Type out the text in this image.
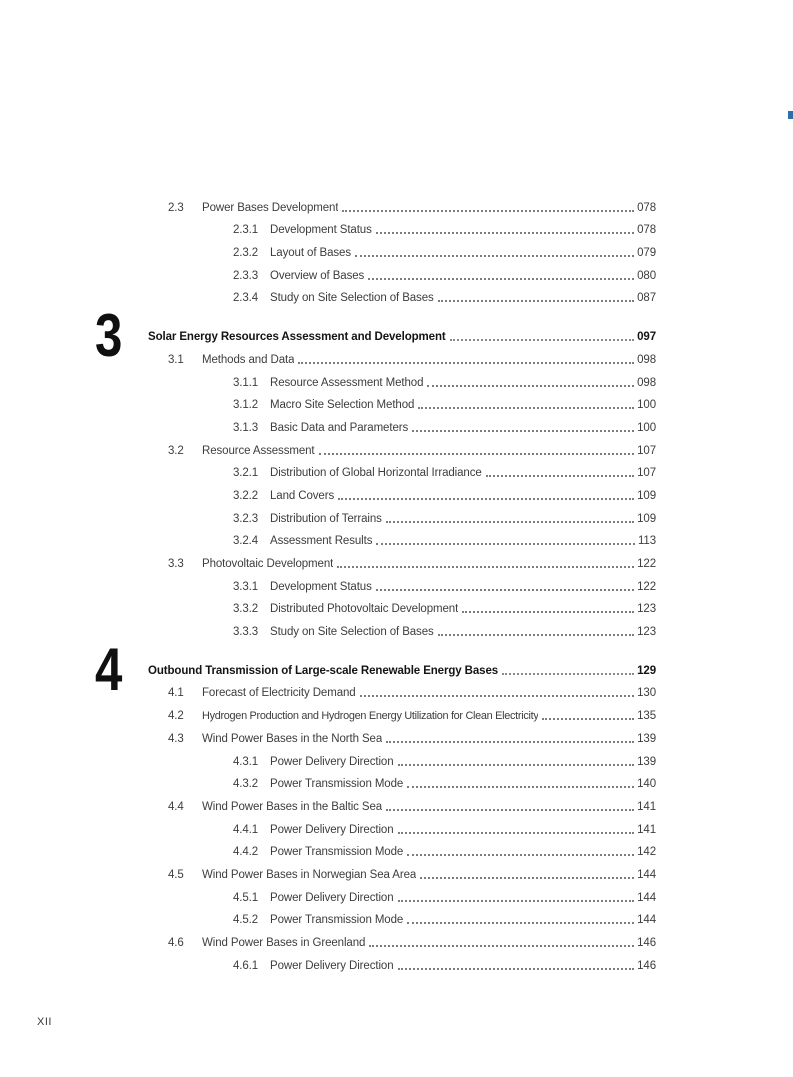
2.3	Power Bases Development	078
2.3.1	Development Status	078
2.3.2	Layout of Bases	079
2.3.3	Overview of Bases	080
2.3.4	Study on Site Selection of Bases	087
3 Solar Energy Resources Assessment and Development	097
3.1	Methods and Data	098
3.1.1	Resource Assessment Method	098
3.1.2	Macro Site Selection Method	100
3.1.3	Basic Data and Parameters	100
3.2	Resource Assessment	107
3.2.1	Distribution of Global Horizontal Irradiance	107
3.2.2	Land Covers	109
3.2.3	Distribution of Terrains	109
3.2.4	Assessment Results	113
3.3	Photovoltaic Development	122
3.3.1	Development Status	122
3.3.2	Distributed Photovoltaic Development	123
3.3.3	Study on Site Selection of Bases	123
4 Outbound Transmission of Large-scale Renewable Energy Bases	129
4.1	Forecast of Electricity Demand	130
4.2	Hydrogen Production and Hydrogen Energy Utilization for Clean Electricity	135
4.3	Wind Power Bases in the North Sea	139
4.3.1	Power Delivery Direction	139
4.3.2	Power Transmission Mode	140
4.4	Wind Power Bases in the Baltic Sea	141
4.4.1	Power Delivery Direction	141
4.4.2	Power Transmission Mode	142
4.5	Wind Power Bases in Norwegian Sea Area	144
4.5.1	Power Delivery Direction	144
4.5.2	Power Transmission Mode	144
4.6	Wind Power Bases in Greenland	146
4.6.1	Power Delivery Direction	146
XII
